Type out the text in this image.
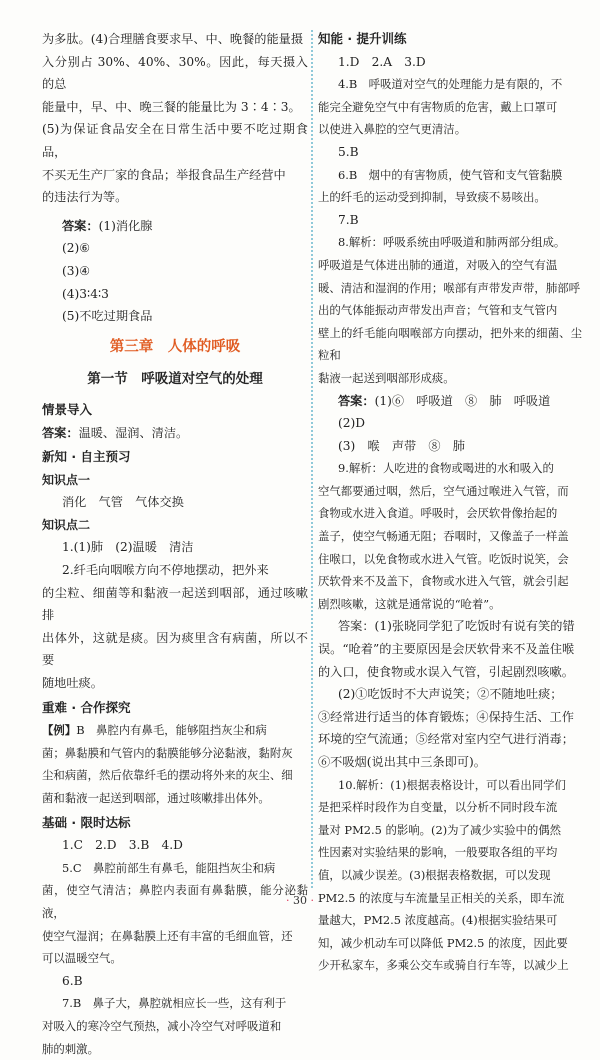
为多肽。(4)合理膳食要求早、中、晚餐的能量摄

入分别占 30%、40%、30%。因此，每天摄入的总

能量中，早、中、晚三餐的能量比为 3∶4∶3。

(5)为保证食品安全在日常生活中要不吃过期食品，

不买无生产厂家的食品；举报食品生产经营中

的违法行为等。

答案：(1)消化腺

(2)⑥

(3)④

(4)3∶4∶3

(5)不吃过期食品

第三章　人体的呼吸
第一节　呼吸道对空气的处理

情景导入

答案：温暖、湿润、清洁。

新知 · 自主预习

知识点一

消化　气管　气体交换

知识点二

1.(1)肺　(2)温暖　清洁

2.纤毛向咽喉方向不停地摆动，把外来

的尘粒、细菌等和黏液一起送到咽部，通过咳嗽排

出体外，这就是痰。因为痰里含有病菌，所以不要

随地吐痰。

重难 · 合作探究

【例】B　鼻腔内有鼻毛，能够阻挡灰尘和病

菌；鼻黏膜和气管内的黏膜能够分泌黏液，黏附灰

尘和病菌，然后依靠纤毛的摆动将外来的灰尘、细

菌和黏液一起送到咽部，通过咳嗽排出体外。

基础 · 限时达标

1.C　2.D　3.B　4.D

5.C　鼻腔前部生有鼻毛，能阻挡灰尘和病

菌，使空气清洁；鼻腔内表面有鼻黏膜，能分泌黏液，

使空气湿润；在鼻黏膜上还有丰富的毛细血管，还

可以温暖空气。

6.B

7.B　鼻子大，鼻腔就相应长一些，这有利于

对吸入的寒冷空气预热，减小冷空气对呼吸道和

肺的刺激。

知能 · 提升训练

1.D　2.A　3.D

4.B　呼吸道对空气的处理能力是有限的，不

能完全避免空气中有害物质的危害，戴上口罩可

以使进入鼻腔的空气更清洁。

5.B

6.B　烟中的有害物质，使气管和支气管黏膜

上的纤毛的运动受到抑制，导致痰不易咳出。

7.B

8.解析：呼吸系统由呼吸道和肺两部分组成。

呼吸道是气体进出肺的通道，对吸入的空气有温

暖、清洁和湿润的作用；喉部有声带发声带，肺部呼

出的气体能振动声带发出声音；气管和支气管内

壁上的纤毛能向咽喉部方向摆动，把外来的细菌、尘粒和

黏液一起送到咽部形成痰。

答案：(1)⑥　呼吸道　⑧　肺　呼吸道

(2)D

(3)　喉　声带　⑧　肺

9.解析：人吃进的食物或喝进的水和吸入的

空气都要通过咽，然后，空气通过喉进入气管，而

食物或水进入食道。呼吸时，会厌软骨像抬起的

盖子，使空气畅通无阻；吞咽时，又像盖子一样盖

住喉口，以免食物或水进入气管。吃饭时说笑，会

厌软骨来不及盖下，食物或水进入气管，就会引起

剧烈咳嗽，这就是通常说的“呛着”。

答案：(1)张晓同学犯了吃饭时有说有笑的错

误。“呛着”的主要原因是会厌软骨来不及盖住喉

的入口，使食物或水误入气管，引起剧烈咳嗽。

(2)①吃饭时不大声说笑；②不随地吐痰；

③经常进行适当的体育锻炼；④保持生活、工作

环境的空气流通；⑤经常对室内空气进行消毒；

⑥不吸烟(说出其中三条即可)。

10.解析：(1)根据表格设计，可以看出同学们

是把采样时段作为自变量，以分析不同时段车流

量对 PM2.5 的影响。(2)为了减少实验中的偶然

性因素对实验结果的影响，一般要取各组的平均

值，以减少误差。(3)根据表格数据，可以发现

PM2.5 的浓度与车流量呈正相关的关系，即车流

量越大，PM2.5 浓度越高。(4)根据实验结果可

知，减少机动车可以降低 PM2.5 的浓度，因此要

少开私家车，多乘公交车或骑自行车等，以减少上

· 30 ·
